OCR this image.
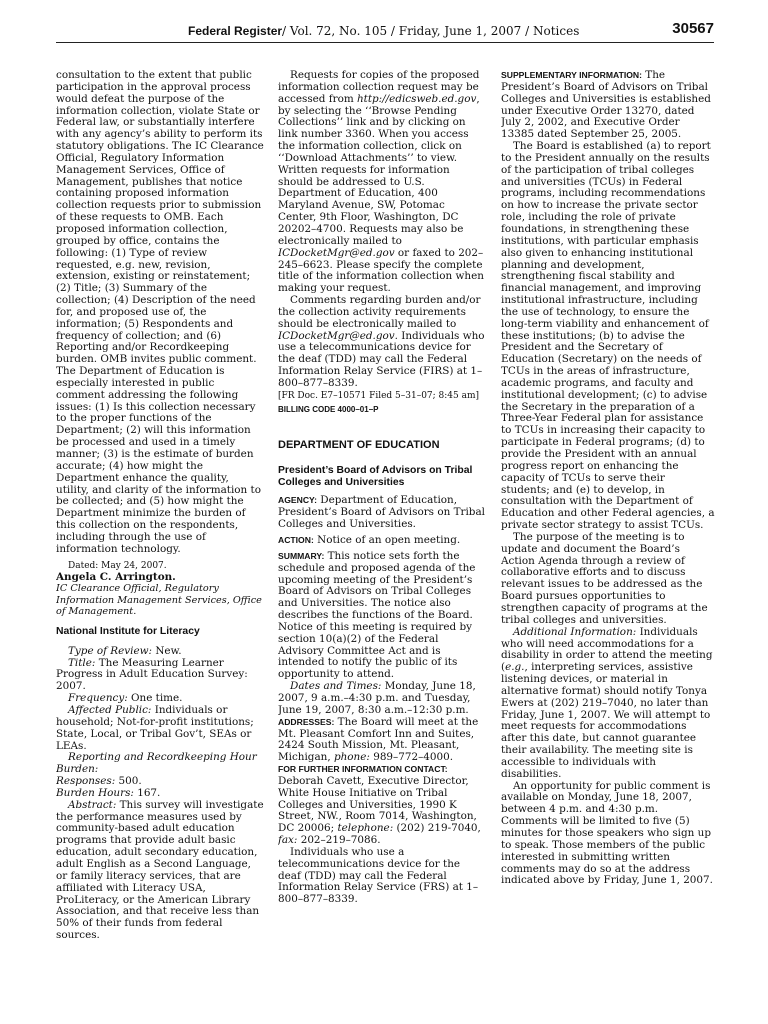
Federal Register/ Vol. 72, No. 105 / Friday, June 1, 2007 / Notices	30567

consultation to the extent that public participation in the approval process would defeat the purpose of the information collection, violate State or Federal law, or substantially interfere with any agency’s ability to perform its statutory obligations. The IC Clearance Official, Regulatory Information Management Services, Office of Management, publishes that notice containing proposed information collection requests prior to submission of these requests to OMB. Each proposed information collection, grouped by office, contains the following: (1) Type of review requested, e.g. new, revision, extension, existing or reinstatement; (2) Title; (3) Summary of the collection; (4) Description of the need for, and proposed use of, the information; (5) Respondents and frequency of collection; and (6) Reporting and/or Recordkeeping burden. OMB invites public comment. The Department of Education is especially interested in public comment addressing the following issues: (1) Is this collection necessary to the proper functions of the Department; (2) will this information be processed and used in a timely manner; (3) is the estimate of burden accurate; (4) how might the Department enhance the quality, utility, and clarity of the information to be collected; and (5) how might the Department minimize the burden of this collection on the respondents, including through the use of information technology.

Dated: May 24, 2007.

Angela C. Arrington.

IC Clearance Official, Regulatory Information Management Services, Office of Management.

National Institute for Literacy

Type of Review: New.

Title: The Measuring Learner Progress in Adult Education Survey: 2007.

Frequency: One time.

Affected Public: Individuals or household; Not-for-profit institutions; State, Local, or Tribal Gov’t, SEAs or LEAs.

Reporting and Recordkeeping Hour Burden:

Responses: 500.

Burden Hours: 167.

Abstract: This survey will investigate the performance measures used by community-based adult education programs that provide adult basic education, adult secondary education, adult English as a Second Language, or family literacy services, that are affiliated with Literacy USA, ProLiteracy, or the American Library Association, and that receive less than 50% of their funds from federal sources.

Requests for copies of the proposed information collection request may be accessed from http://edicsweb.ed.gov, by selecting the ‘‘Browse Pending Collections’’ link and by clicking on link number 3360. When you access the information collection, click on ‘‘Download Attachments’’ to view. Written requests for information should be addressed to U.S. Department of Education, 400 Maryland Avenue, SW, Potomac Center, 9th Floor, Washington, DC 20202–4700. Requests may also be electronically mailed to ICDocketMgr@ed.gov or faxed to 202–245–6623. Please specify the complete title of the information collection when making your request.

Comments regarding burden and/or the collection activity requirements should be electronically mailed to ICDocketMgr@ed.gov. Individuals who use a telecommunications device for the deaf (TDD) may call the Federal Information Relay Service (FIRS) at 1–800–877–8339.

[FR Doc. E7–10571 Filed 5–31–07; 8:45 am]

BILLING CODE 4000–01–P

DEPARTMENT OF EDUCATION

President’s Board of Advisors on Tribal Colleges and Universities

AGENCY: Department of Education, President’s Board of Advisors on Tribal Colleges and Universities.

ACTION: Notice of an open meeting.

SUMMARY: This notice sets forth the schedule and proposed agenda of the upcoming meeting of the President’s Board of Advisors on Tribal Colleges and Universities. The notice also describes the functions of the Board. Notice of this meeting is required by section 10(a)(2) of the Federal Advisory Committee Act and is intended to notify the public of its opportunity to attend.

Dates and Times: Monday, June 18, 2007, 9 a.m.–4:30 p.m. and Tuesday, June 19, 2007, 8:30 a.m.–12:30 p.m.

ADDRESSES: The Board will meet at the Mt. Pleasant Comfort Inn and Suites, 2424 South Mission, Mt. Pleasant, Michigan, phone: 989–772–4000.

FOR FURTHER INFORMATION CONTACT: Deborah Cavett, Executive Director, White House Initiative on Tribal Colleges and Universities, 1990 K Street, NW., Room 7014, Washington, DC 20006; telephone: (202) 219-7040, fax: 202–219–7086.

Individuals who use a telecommunications device for the deaf (TDD) may call the Federal Information Relay Service (FRS) at 1–800–877–8339.

SUPPLEMENTARY INFORMATION: The President’s Board of Advisors on Tribal Colleges and Universities is established under Executive Order 13270, dated July 2, 2002, and Executive Order 13385 dated September 25, 2005.

The Board is established (a) to report to the President annually on the results of the participation of tribal colleges and universities (TCUs) in Federal programs, including recommendations on how to increase the private sector role, including the role of private foundations, in strengthening these institutions, with particular emphasis also given to enhancing institutional planning and development, strengthening fiscal stability and financial management, and improving institutional infrastructure, including the use of technology, to ensure the long-term viability and enhancement of these institutions; (b) to advise the President and the Secretary of Education (Secretary) on the needs of TCUs in the areas of infrastructure, academic programs, and faculty and institutional development; (c) to advise the Secretary in the preparation of a Three-Year Federal plan for assistance to TCUs in increasing their capacity to participate in Federal programs; (d) to provide the President with an annual progress report on enhancing the capacity of TCUs to serve their students; and (e) to develop, in consultation with the Department of Education and other Federal agencies, a private sector strategy to assist TCUs.

The purpose of the meeting is to update and document the Board’s Action Agenda through a review of collaborative efforts and to discuss relevant issues to be addressed as the Board pursues opportunities to strengthen capacity of programs at the tribal colleges and universities.

Additional Information: Individuals who will need accommodations for a disability in order to attend the meeting (e.g., interpreting services, assistive listening devices, or material in alternative format) should notify Tonya Ewers at (202) 219–7040, no later than Friday, June 1, 2007. We will attempt to meet requests for accommodations after this date, but cannot guarantee their availability. The meeting site is accessible to individuals with disabilities.

An opportunity for public comment is available on Monday, June 18, 2007, between 4 p.m. and 4:30 p.m. Comments will be limited to five (5) minutes for those speakers who sign up to speak. Those members of the public interested in submitting written comments may do so at the address indicated above by Friday, June 1, 2007.
